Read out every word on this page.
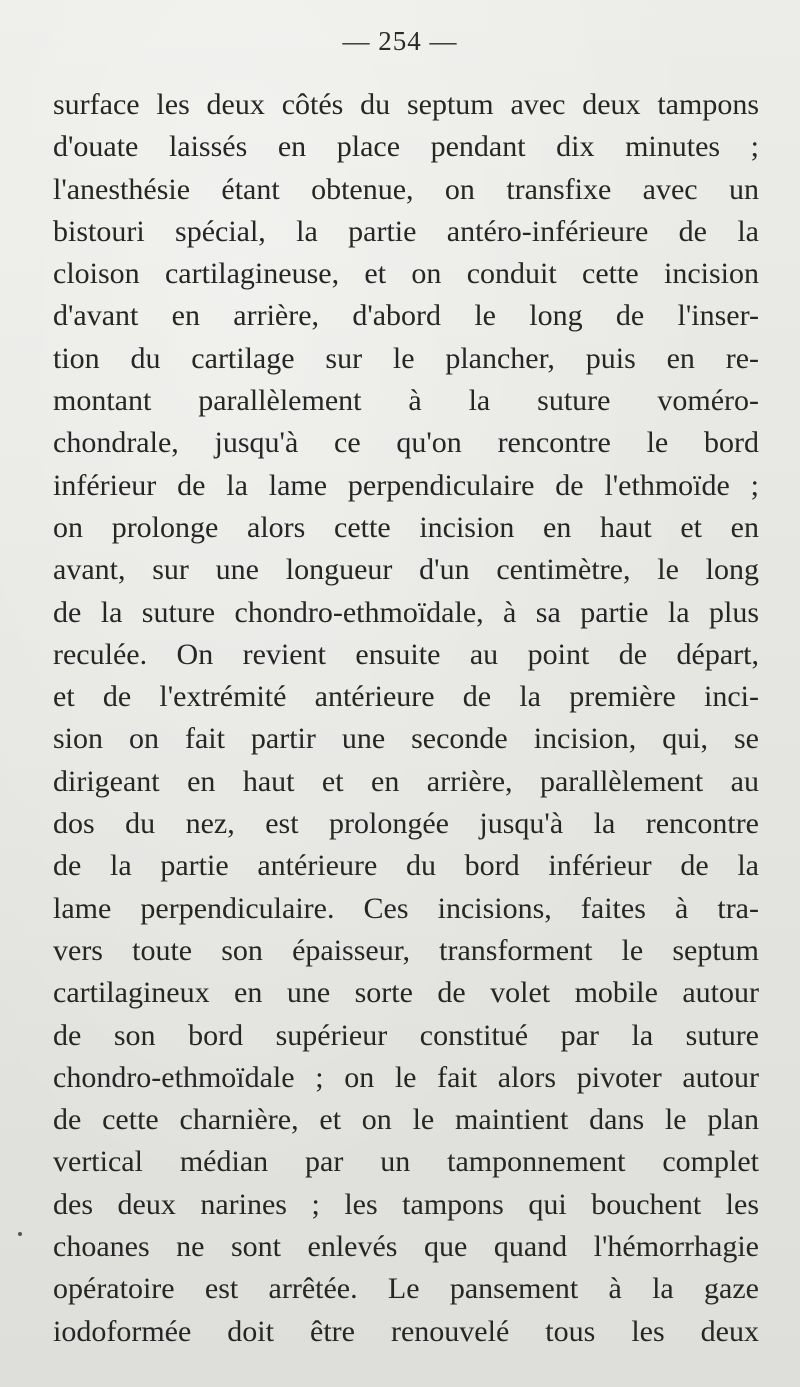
— 254 —
surface les deux côtés du septum avec deux tampons
d'ouate laissés en place pendant dix minutes ;
l'anesthésie étant obtenue, on transfixe avec un
bistouri spécial, la partie antéro-inférieure de la
cloison cartilagineuse, et on conduit cette incision
d'avant en arrière, d'abord le long de l'inser-
tion du cartilage sur le plancher, puis en re-
montant parallèlement à la suture voméro-
chondrale, jusqu'à ce qu'on rencontre le bord
inférieur de la lame perpendiculaire de l'ethmoïde ;
on prolonge alors cette incision en haut et en
avant, sur une longueur d'un centimètre, le long
de la suture chondro-ethmoïdale, à sa partie la plus
reculée. On revient ensuite au point de départ,
et de l'extrémité antérieure de la première inci-
sion on fait partir une seconde incision, qui, se
dirigeant en haut et en arrière, parallèlement au
dos du nez, est prolongée jusqu'à la rencontre
de la partie antérieure du bord inférieur de la
lame perpendiculaire. Ces incisions, faites à tra-
vers toute son épaisseur, transforment le septum
cartilagineux en une sorte de volet mobile autour
de son bord supérieur constitué par la suture
chondro-ethmoïdale ; on le fait alors pivoter autour
de cette charnière, et on le maintient dans le plan
vertical médian par un tamponnement complet
des deux narines ; les tampons qui bouchent les
choanes ne sont enlevés que quand l'hémorrhagie
opératoire est arrêtée. Le pansement à la gaze
iodoformée doit être renouvelé tous les deux
